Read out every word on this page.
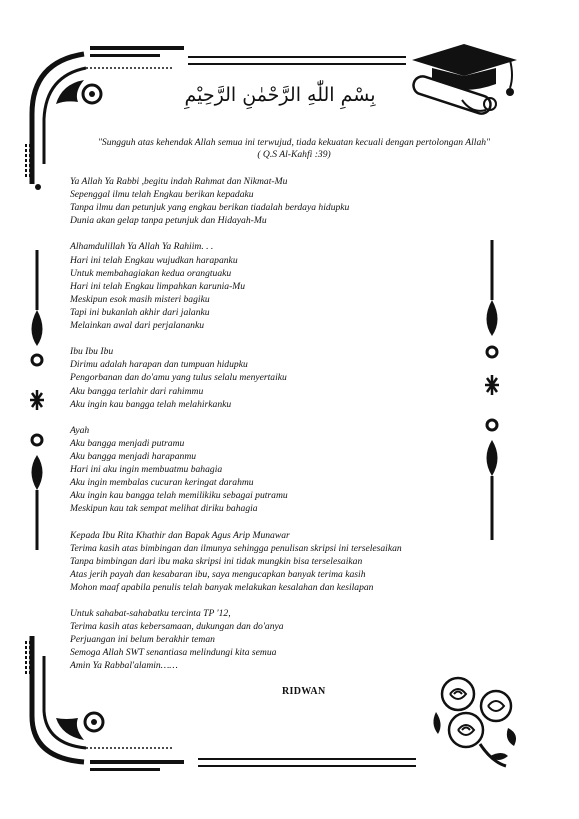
بِسْمِ اللّٰهِ الرَّحْمٰنِ الرَّحِيْمِ
"Sungguh atas kehendak Allah semua ini terwujud, tiada kekuatan kecuali dengan pertolongan Allah"
( Q.S Al-Kahfi :39)
Ya Allah Ya Rabbi ,begitu indah Rahmat dan Nikmat-Mu
Sepenggal ilmu telah Engkau berikan kepadaku
Tanpa ilmu dan petunjuk yang engkau berikan tiadalah berdaya hidupku
Dunia akan gelap tanpa petunjuk dan Hidayah-Mu
Alhamdulillah Ya Allah Ya Rahiim. . .
Hari ini telah Engkau wujudkan harapanku
Untuk membahagiakan kedua orangtuaku
Hari ini telah Engkau limpahkan karunia-Mu
Meskipun esok masih misteri bagiku
Tapi ini bukanlah akhir dari jalanku
Melainkan awal dari perjalananku
Ibu Ibu Ibu
Dirimu adalah harapan dan tumpuan hidupku
Pengorbanan dan do'amu yang tulus selalu menyertaiku
Aku bangga terlahir dari rahimmu
Aku ingin kau bangga telah melahirkanku
Ayah
Aku bangga menjadi putramu
Aku bangga menjadi harapanmu
Hari ini aku ingin membuatmu bahagia
Aku ingin membalas cucuran keringat darahmu
Aku ingin kau bangga telah memilikiku sebagai putramu
Meskipun kau tak sempat melihat diriku bahagia
Kepada Ibu Rita Khathir dan Bapak Agus Arip Munawar
Terima kasih atas bimbingan dan ilmunya sehingga penulisan skripsi ini terselesaikan
Tanpa bimbingan dari ibu maka skripsi ini tidak mungkin bisa terselesaikan
Atas jerih payah dan kesabaran ibu, saya mengucapkan banyak terima kasih
Mohon maaf apabila penulis telah banyak melakukan kesalahan dan kesilapan
Untuk sahabat-sahabatku tercinta TP '12,
Terima kasih atas kebersamaan, dukungan dan do'anya
Perjuangan ini belum berakhir teman
Semoga Allah SWT senantiasa melindungi kita semua
Amin Ya Rabbal'alamin……
RIDWAN
